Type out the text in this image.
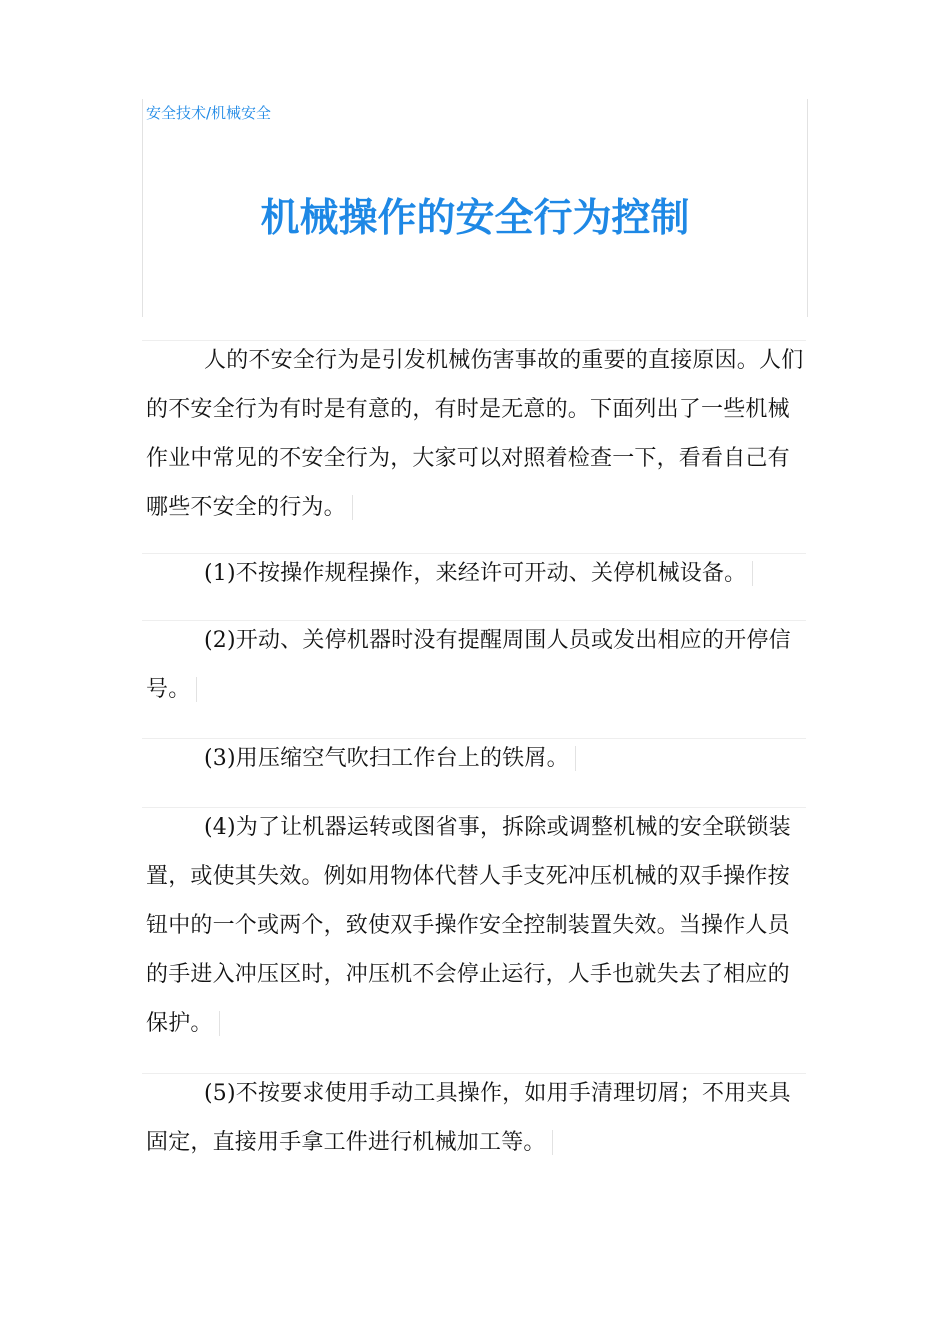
安全技术/机械安全
机械操作的安全行为控制

人的不安全行为是引发机械伤害事故的重要的直接原因。人们的不安全行为有时是有意的，有时是无意的。下面列出了一些机械作业中常见的不安全行为，大家可以对照着检查一下，看看自己有哪些不安全的行为。

(1)不按操作规程操作，来经许可开动、关停机械设备。

(2)开动、关停机器时没有提醒周围人员或发出相应的开停信号。

(3)用压缩空气吹扫工作台上的铁屑。

(4)为了让机器运转或图省事，拆除或调整机械的安全联锁装置，或使其失效。例如用物体代替人手支死冲压机械的双手操作按钮中的一个或两个，致使双手操作安全控制装置失效。当操作人员的手进入冲压区时，冲压机不会停止运行，人手也就失去了相应的保护。

(5)不按要求使用手动工具操作，如用手清理切屑；不用夹具固定，直接用手拿工件进行机械加工等。
